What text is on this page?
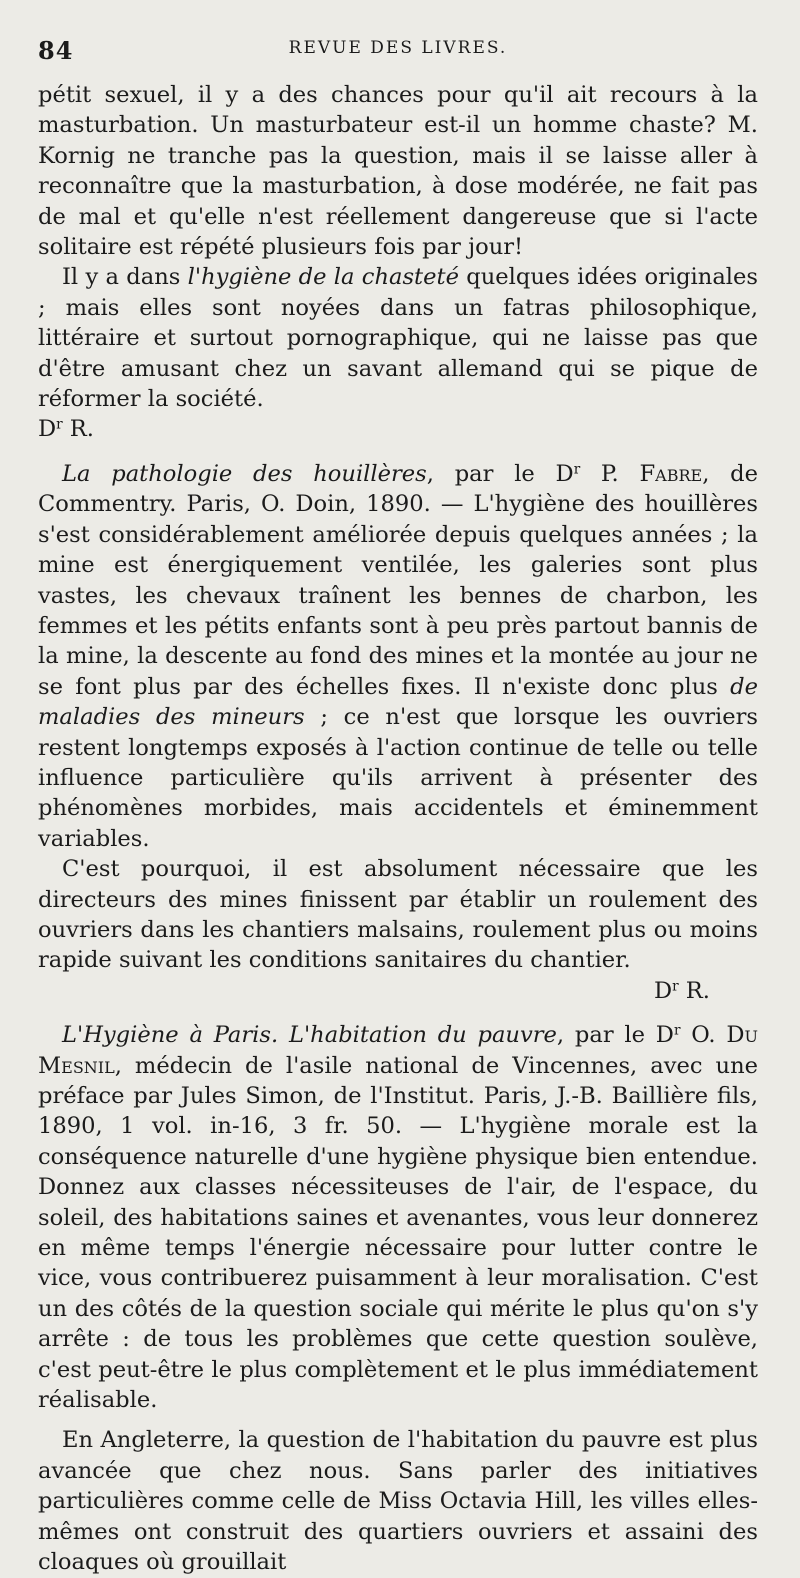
84	REVUE DES LIVRES.

pétit sexuel, il y a des chances pour qu'il ait recours à la masturbation. Un masturbateur est-il un homme chaste? M. Kornig ne tranche pas la question, mais il se laisse aller à reconnaître que la masturbation, à dose modérée, ne fait pas de mal et qu'elle n'est réellement dangereuse que si l'acte solitaire est répété plusieurs fois par jour!

Il y a dans l'hygiène de la chasteté quelques idées originales ; mais elles sont noyées dans un fatras philosophique, littéraire et surtout pornographique, qui ne laisse pas que d'être amusant chez un savant allemand qui se pique de réformer la société.

$D^r$ R.

La pathologie des houillères, par le $D^r$ P. Fabre, de Commentry. Paris, O. Doin, 1890. — L'hygiène des houillères s'est considérablement améliorée depuis quelques années ; la mine est énergiquement ventilée, les galeries sont plus vastes, les chevaux traînent les bennes de charbon, les femmes et les pétits enfants sont à peu près partout bannis de la mine, la descente au fond des mines et la montée au jour ne se font plus par des échelles fixes. Il n'existe donc plus de maladies des mineurs ; ce n'est que lorsque les ouvriers restent longtemps exposés à l'action continue de telle ou telle influence particulière qu'ils arrivent à présenter des phénomènes morbides, mais accidentels et éminemment variables.

C'est pourquoi, il est absolument nécessaire que les directeurs des mines finissent par établir un roulement des ouvriers dans les chantiers malsains, roulement plus ou moins rapide suivant les conditions sanitaires du chantier.
$D^r$ R.

L'Hygiène à Paris. L'habitation du pauvre, par le $D^r$ O. Du Mesnil, médecin de l'asile national de Vincennes, avec une préface par Jules Simon, de l'Institut. Paris, J.-B. Baillière fils, 1890, 1 vol. in-16, 3 fr. 50. — L'hygiène morale est la conséquence naturelle d'une hygiène physique bien entendue. Donnez aux classes nécessiteuses de l'air, de l'espace, du soleil, des habitations saines et avenantes, vous leur donnerez en même temps l'énergie nécessaire pour lutter contre le vice, vous contribuerez puisamment à leur moralisation. C'est un des côtés de la question sociale qui mérite le plus qu'on s'y arrête : de tous les problèmes que cette question soulève, c'est peut-être le plus complètement et le plus immédiatement réalisable.

En Angleterre, la question de l'habitation du pauvre est plus avancée que chez nous. Sans parler des initiatives particulières comme celle de Miss Octavia Hill, les villes elles-mêmes ont construit des quartiers ouvriers et assaini des cloaques où grouillait
